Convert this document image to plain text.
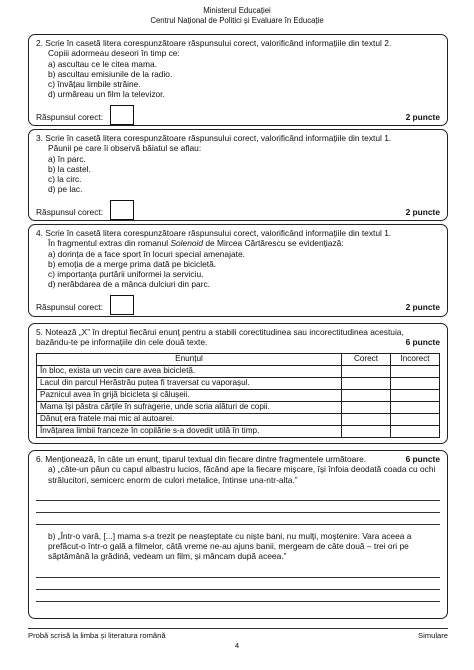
Ministerul Educației
Centrul Național de Politici și Evaluare în Educație

2. Scrie în casetă litera corespunzătoare răspunsului corect, valorificând informațiile din textul 2.

Copiii adormeau deseori în timp ce:

a) ascultau ce le citea mama.

b) ascultau emisiunile de la radio.

c) învățau limbile străine.

d) urmăreau un film la televizor.

Răspunsul corect:	2 puncte

3. Scrie în casetă litera corespunzătoare răspunsului corect, valorificând informațiile din textul 1.

Păunii pe care îi observă băiatul se aflau:

a) în parc.

b) la castel.

c) la circ.

d) pe lac.

Răspunsul corect:	2 puncte

4. Scrie în casetă litera corespunzătoare răspunsului corect, valorificând informațiile din textul 1.

În fragmentul extras din romanul Solenoid de Mircea Cărtărescu se evidențiază:

a) dorința de a face sport în locuri special amenajate.

b) emoția de a merge prima dată pe bicicletă.

c) importanța purtării uniformei la serviciu.

d) nerăbdarea de a mânca dulciuri din parc.

Răspunsul corect:	2 puncte

5. Notează „X” în dreptul fiecărui enunț pentru a stabili corectitudinea sau incorectitudinea acestuia,

bazându-te pe informațiile din cele două texte.	6 puncte

Enunțul	Corect	Incorect
În bloc, exista un vecin care avea bicicletă.		
Lacul din parcul Herăstrău putea fi traversat cu vaporașul.		
Paznicul avea în grijă bicicleta și călușeii.		
Mama își păstra cărțile în sufragerie, unde scria alături de copii.		
Dănuț era fratele mai mic al autoarei.		
Învățarea limbii franceze în copilărie s-a dovedit utilă în timp.		

6. Menționează, în câte un enunț, tiparul textual din fiecare dintre fragmentele următoare.	6 puncte

a) „câte-un păun cu capul albastru lucios, făcând ape la fiecare mișcare, își înfoia deodată coada cu ochi strălucitori, semicerc enorm de culori metalice, întinse una-ntr-alta.”

b) „Într-o vară, [...] mama s-a trezit pe neașteptate cu niște bani, nu mulți, moștenire. Vara aceea a prefăcut-o într-o gală a filmelor, câtă vreme ne-au ajuns banii, mergeam de câte două – trei ori pe săptămână la grădină, vedeam un film, și mâncam după aceea.”

Probă scrisă la limba și literatura română	Simulare
4
